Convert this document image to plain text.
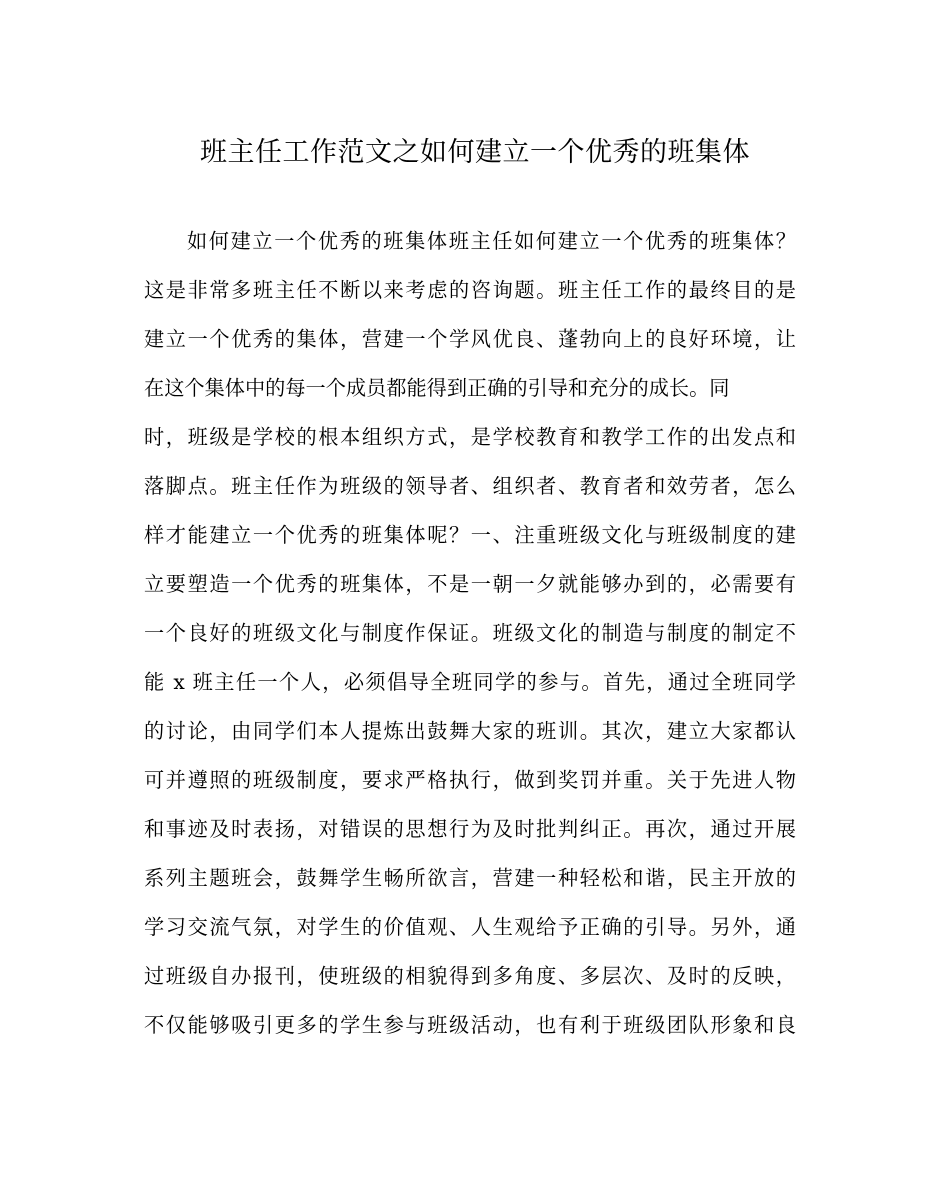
班主任工作范文之如何建立一个优秀的班集体
如何建立一个优秀的班集体班主任如何建立一个优秀的班集体？
这是非常多班主任不断以来考虑的咨询题。班主任工作的最终目的是
建立一个优秀的集体，营建一个学风优良、蓬勃向上的良好环境，让
在这个集体中的每一个成员都能得到正确的引导和充分的成长。同
时，班级是学校的根本组织方式，是学校教育和教学工作的出发点和
落脚点。班主任作为班级的领导者、组织者、教育者和效劳者，怎么
样才能建立一个优秀的班集体呢？一、注重班级文化与班级制度的建
立要塑造一个优秀的班集体，不是一朝一夕就能够办到的，必需要有
一个良好的班级文化与制度作保证。班级文化的制造与制度的制定不
能 x 班主任一个人，必须倡导全班同学的参与。首先，通过全班同学
的讨论，由同学们本人提炼出鼓舞大家的班训。其次，建立大家都认
可并遵照的班级制度，要求严格执行，做到奖罚并重。关于先进人物
和事迹及时表扬，对错误的思想行为及时批判纠正。再次，通过开展
系列主题班会，鼓舞学生畅所欲言，营建一种轻松和谐，民主开放的
学习交流气氛，对学生的价值观、人生观给予正确的引导。另外，通
过班级自办报刊，使班级的相貌得到多角度、多层次、及时的反映，
不仅能够吸引更多的学生参与班级活动，也有利于班级团队形象和良
